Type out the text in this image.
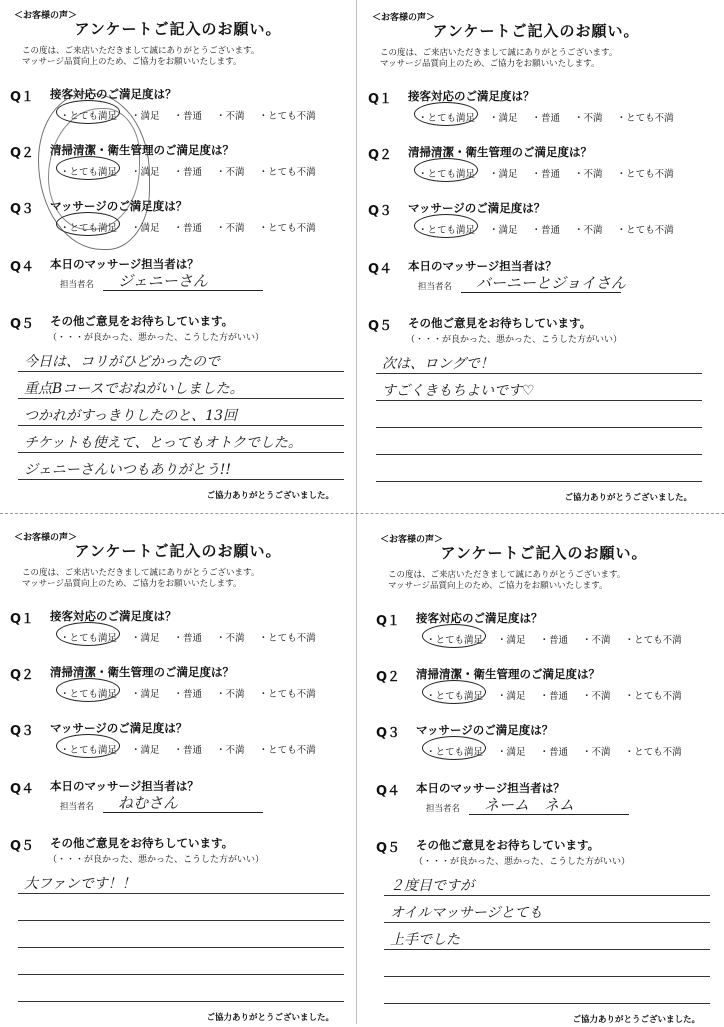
＜お客様の声＞
アンケートご記入のお願い。
この度は、ご来店いただきまして誠にありがとうございます。
マッサージ品質向上のため、ご協力をお願いいたします。
Q１ 接客対応のご満足度は？
・とても満足 ・満足 ・普通 ・不満 ・とても不満
Q２ 清掃清潔・衛生管理のご満足度は？
・とても満足 ・満足 ・普通 ・不満 ・とても不満
Q３ マッサージのご満足度は？
・とても満足 ・満足 ・普通 ・不満 ・とても不満
Q４ 本日のマッサージ担当者は？
担当者名 ジェニーさん
Q５ その他ご意見をお待ちしています。
（・・・が良かった、悪かった、こうした方がいい）
今日は、コリがひどかったので
重点Bコースでおねがいしました。
つかれがすっきりしたのと、13回
チケットも使えて、とってもオトクでした。
ジェニーさんいつもありがとう!!
ご協力ありがとうございました。
＜お客様の声＞
アンケートご記入のお願い。
この度は、ご来店いただきまして誠にありがとうございます。
マッサージ品質向上のため、ご協力をお願いいたします。
Q１ 接客対応のご満足度は？
・とても満足 ・満足 ・普通 ・不満 ・とても不満
Q２ 清掃清潔・衛生管理のご満足度は？
・とても満足 ・満足 ・普通 ・不満 ・とても不満
Q３ マッサージのご満足度は？
・とても満足 ・満足 ・普通 ・不満 ・とても不満
Q４ 本日のマッサージ担当者は？
担当者名 バーニーとジョイさん
Q５ その他ご意見をお待ちしています。
（・・・が良かった、悪かった、こうした方がいい）
次は、ロングで！
すごくきもちよいです♡
ご協力ありがとうございました。
＜お客様の声＞
アンケートご記入のお願い。
この度は、ご来店いただきまして誠にありがとうございます。
マッサージ品質向上のため、ご協力をお願いいたします。
Q１ 接客対応のご満足度は？
・とても満足 ・満足 ・普通 ・不満 ・とても不満
Q２ 清掃清潔・衛生管理のご満足度は？
・とても満足 ・満足 ・普通 ・不満 ・とても不満
Q３ マッサージのご満足度は？
・とても満足 ・満足 ・普通 ・不満 ・とても不満
Q４ 本日のマッサージ担当者は？
担当者名 ねむさん
Q５ その他ご意見をお待ちしています。
（・・・が良かった、悪かった、こうした方がいい）
大ファンです！！
ご協力ありがとうございました。
＜お客様の声＞
アンケートご記入のお願い。
この度は、ご来店いただきまして誠にありがとうございます。
マッサージ品質向上のため、ご協力をお願いいたします。
Q１ 接客対応のご満足度は？
・とても満足 ・満足 ・普通 ・不満 ・とても不満
Q２ 清掃清潔・衛生管理のご満足度は？
・とても満足 ・満足 ・普通 ・不満 ・とても不満
Q３ マッサージのご満足度は？
・とても満足 ・満足 ・普通 ・不満 ・とても不満
Q４ 本日のマッサージ担当者は？
担当者名 ネーム　ネム
Q５ その他ご意見をお待ちしています。
（・・・が良かった、悪かった、こうした方がいい）
２度目ですが
オイルマッサージとても
上手でした
ご協力ありがとうございました。
